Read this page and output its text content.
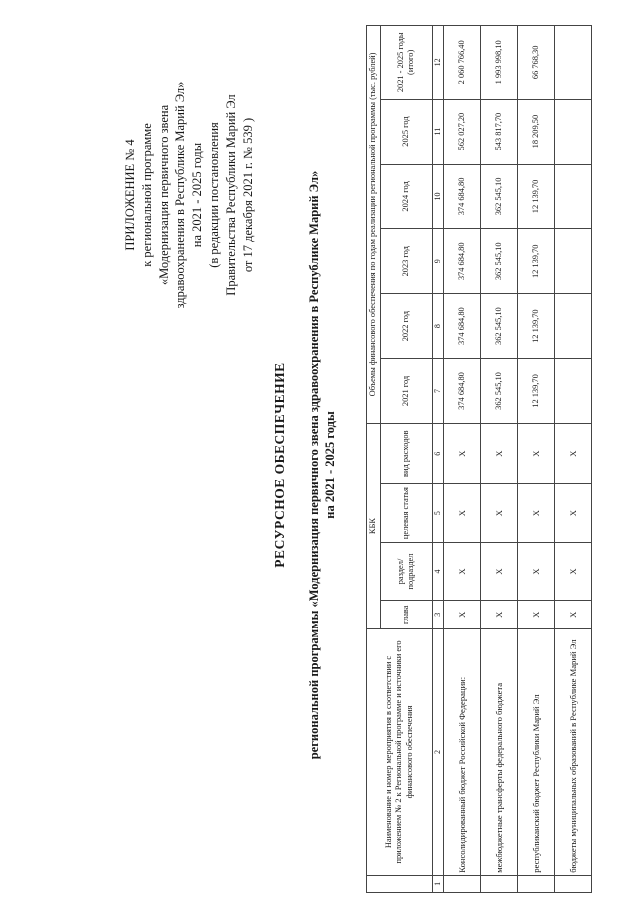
ПРИЛОЖЕНИЕ № 4 к региональной программе «Модернизация первичного звена здравоохранения в Республике Марий Эл» на 2021 - 2025 годы (в редакции постановления Правительства Республики Марий Эл от 17 декабря 2021 г. № 539 )
РЕСУРСНОЕ ОБЕСПЕЧЕНИЕ региональной программы «Модернизация первичного звена здравоохранения в Республике Марий Эл» на 2021 - 2025 годы
	Наименование и номер мероприятия в соответствии с приложением № 2 к Региональной программе и источники его финансового обеспечения	КБК				Объемы финансового обеспечения по годам реализации региональной программы (тыс. рублей)					
		глава	раздел/ подраздел	целевая статья	вид расходов	2021 год	2022 год	2023 год	2024 год	2025 год	2021 - 2025 годы (итого)
1	2	3	4	5	6	7	8	9	10	11	12
	Консолидированный бюджет Российской Федерации:	X	X	X	X	374 684,80	374 684,80	374 684,80	374 684,80	562 027,20	2 060 766,40
	межбюджетные трансферты федерального бюджета	X	X	X	X	362 545,10	362 545,10	362 545,10	362 545,10	543 817,70	1 993 998,10
	республиканский бюджет Республики Марий Эл	X	X	X	X	12 139,70	12 139,70	12 139,70	12 139,70	18 209,50	66 768,30
	бюджеты муниципальных образований в Республике Марий Эл	X	X	X	X						
